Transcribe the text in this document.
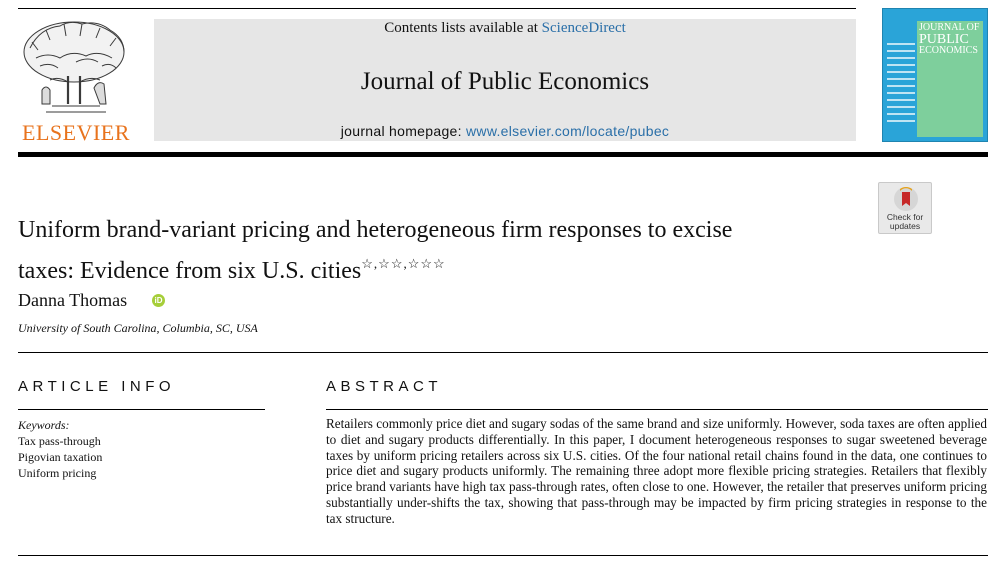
ELSEVIER
Contents lists available at ScienceDirect
Journal of Public Economics
journal homepage: www.elsevier.com/locate/pubec
JOURNAL OF
PUBLIC
ECONOMICS
Check for
updates
Uniform brand-variant pricing and heterogeneous firm responses to excise
taxes: Evidence from six U.S. cities☆,☆☆,☆☆☆
Danna Thomas	iD
University of South Carolina, Columbia, SC, USA
ARTICLE INFO
Keywords:
Tax pass-through
Pigovian taxation
Uniform pricing
ABSTRACT
Retailers commonly price diet and sugary sodas of the same brand and size uniformly. However, soda taxes are often applied to diet and sugary products differentially. In this paper, I document heterogeneous responses to sugar sweetened beverage taxes by uniform pricing retailers across six U.S. cities. Of the four national retail chains found in the data, one continues to price diet and sugary products uniformly. The remaining three adopt more flexible pricing strategies. Retailers that flexibly price brand variants have high tax pass-through rates, often close to one. However, the retailer that preserves uniform pricing substantially under-shifts the tax, showing that pass-through may be impacted by firm pricing strategies in response to the tax structure.
